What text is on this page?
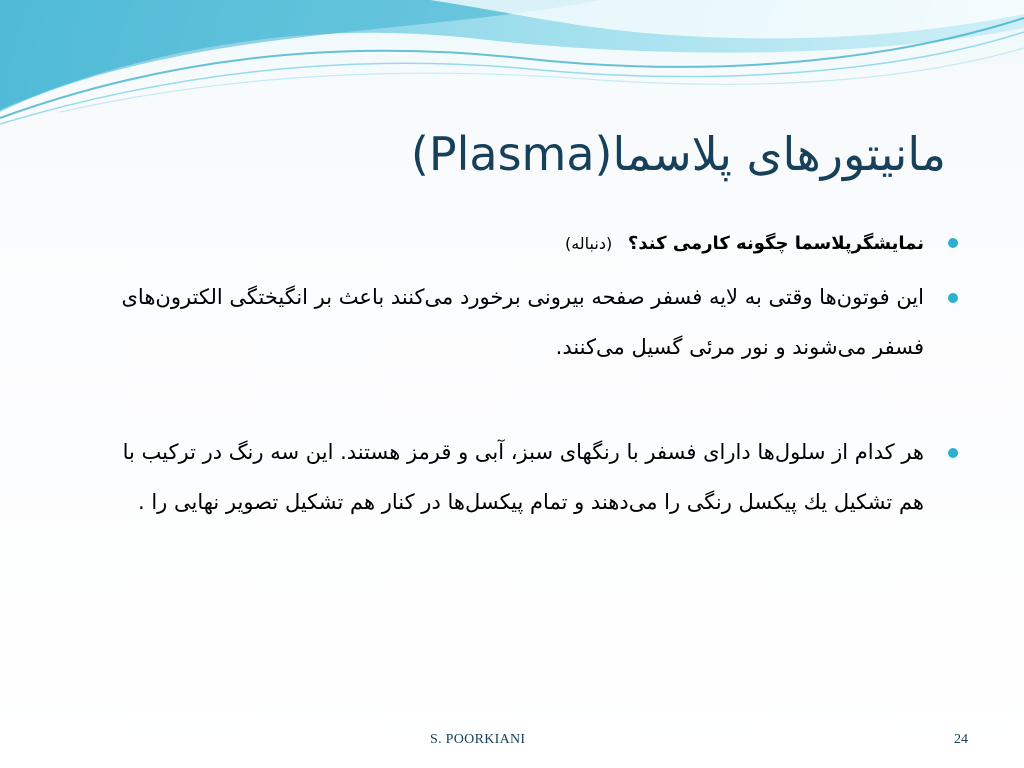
مانیتورهای پلاسما(Plasma)
نمایشگرپلاسما چگونه کارمی کند؟ (دنباله)
این فوتون‌ها وقتی به لایه فسفر صفحه بیرونی برخورد می‌کنند باعث بر انگیختگی الکترون‌های فسفر می‌شوند و نور مرئی گسیل می‌کنند.
هر کدام از سلول‌ها دارای فسفر با رنگهای سبز، آبی و قرمز هستند. این سه رنگ در ترکیب با هم تشکیل یك پیکسل رنگی را می‌دهند و تمام پیکسل‌ها در کنار هم تشکیل تصویر نهایی را .
S. POORKIANI	24
